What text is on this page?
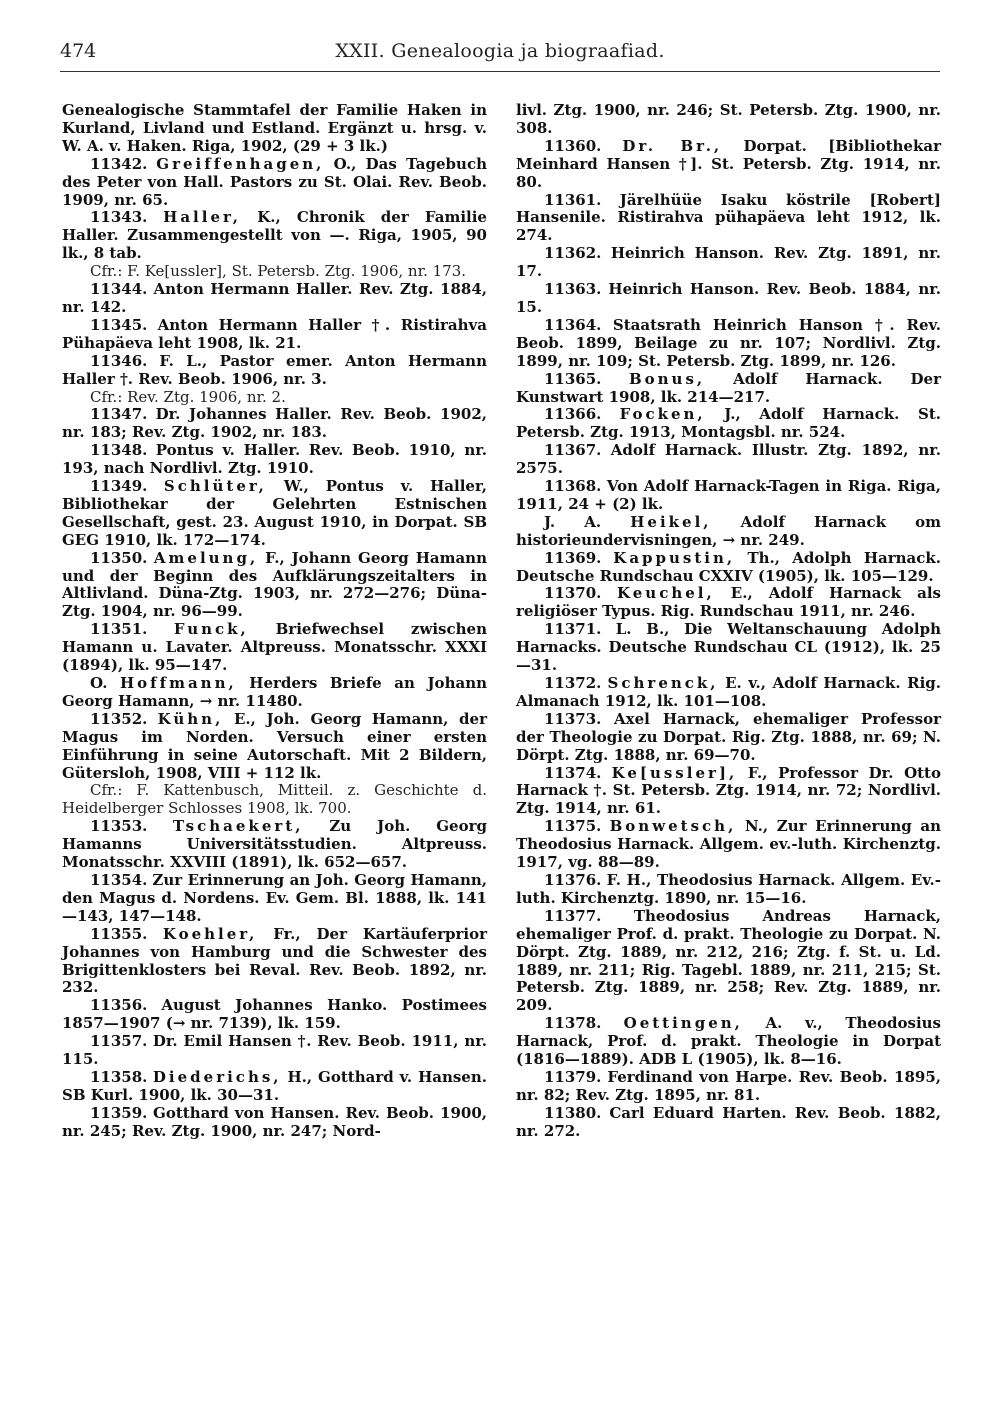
474	XXII. Genealoogia ja biograafiad.

Genealogische Stammtafel der Familie Haken in Kurland, Livland und Estland. Ergänzt u. hrsg. v. W. A. v. Haken. Riga, 1902, (29 + 3 lk.)

11342. Greiffenhagen, O., Das Tagebuch des Peter von Hall. Pastors zu St. Olai. Rev. Beob. 1909, nr. 65.

11343. Haller, K., Chronik der Familie Haller. Zusammengestellt von —. Riga, 1905, 90 lk., 8 tab.

Cfr.: F. Ke[ussler], St. Petersb. Ztg. 1906, nr. 173.

11344. Anton Hermann Haller. Rev. Ztg. 1884, nr. 142.

11345. Anton Hermann Haller †. Ristirahva Pühapäeva leht 1908, lk. 21.

11346. F. L., Pastor emer. Anton Hermann Haller †. Rev. Beob. 1906, nr. 3.

Cfr.: Rev. Ztg. 1906, nr. 2.

11347. Dr. Johannes Haller. Rev. Beob. 1902, nr. 183; Rev. Ztg. 1902, nr. 183.

11348. Pontus v. Haller. Rev. Beob. 1910, nr. 193, nach Nordlivl. Ztg. 1910.

11349. Schlüter, W., Pontus v. Haller, Bibliothekar der Gelehrten Estnischen Gesellschaft, gest. 23. August 1910, in Dorpat. SB GEG 1910, lk. 172—174.

11350. Amelung, F., Johann Georg Hamann und der Beginn des Aufklärungszeitalters in Altlivland. Düna-Ztg. 1903, nr. 272—276; Düna-Ztg. 1904, nr. 96—99.

11351. Funck, Briefwechsel zwischen Hamann u. Lavater. Altpreuss. Monatsschr. XXXI (1894), lk. 95—147.

O. Hoffmann, Herders Briefe an Johann Georg Hamann, → nr. 11480.

11352. Kühn, E., Joh. Georg Hamann, der Magus im Norden. Versuch einer ersten Einführung in seine Autorschaft. Mit 2 Bildern, Gütersloh, 1908, VIII + 112 lk.

Cfr.: F. Kattenbusch, Mitteil. z. Geschichte d. Heidelberger Schlosses 1908, lk. 700.

11353. Tschaekert, Zu Joh. Georg Hamanns Universitätsstudien. Altpreuss. Monatsschr. XXVIII (1891), lk. 652—657.

11354. Zur Erinnerung an Joh. Georg Hamann, den Magus d. Nordens. Ev. Gem. Bl. 1888, lk. 141—143, 147—148.

11355. Koehler, Fr., Der Kartäuferprior Johannes von Hamburg und die Schwester des Brigittenklosters bei Reval. Rev. Beob. 1892, nr. 232.

11356. August Johannes Hanko. Postimees 1857—1907 (→ nr. 7139), lk. 159.

11357. Dr. Emil Hansen †. Rev. Beob. 1911, nr. 115.

11358. Diederichs, H., Gotthard v. Hansen. SB Kurl. 1900, lk. 30—31.

11359. Gotthard von Hansen. Rev. Beob. 1900, nr. 245; Rev. Ztg. 1900, nr. 247; Nord-

livl. Ztg. 1900, nr. 246; St. Petersb. Ztg. 1900, nr. 308.

11360. Dr. Br., Dorpat. [Bibliothekar Meinhard Hansen †]. St. Petersb. Ztg. 1914, nr. 80.

11361. Järelhüüe Isaku köstrile [Robert] Hansenile. Ristirahva pühapäeva leht 1912, lk. 274.

11362. Heinrich Hanson. Rev. Ztg. 1891, nr. 17.

11363. Heinrich Hanson. Rev. Beob. 1884, nr. 15.

11364. Staatsrath Heinrich Hanson †. Rev. Beob. 1899, Beilage zu nr. 107; Nordlivl. Ztg. 1899, nr. 109; St. Petersb. Ztg. 1899, nr. 126.

11365. Bonus, Adolf Harnack. Der Kunstwart 1908, lk. 214—217.

11366. Focken, J., Adolf Harnack. St. Petersb. Ztg. 1913, Montagsbl. nr. 524.

11367. Adolf Harnack. Illustr. Ztg. 1892, nr. 2575.

11368. Von Adolf Harnack-Tagen in Riga. Riga, 1911, 24 + (2) lk.

J. A. Heikel, Adolf Harnack om historieundervisningen, → nr. 249.

11369. Kappustin, Th., Adolph Harnack. Deutsche Rundschau CXXIV (1905), lk. 105—129.

11370. Keuchel, E., Adolf Harnack als religiöser Typus. Rig. Rundschau 1911, nr. 246.

11371. L. B., Die Weltanschauung Adolph Harnacks. Deutsche Rundschau CL (1912), lk. 25—31.

11372. Schrenck, E. v., Adolf Harnack. Rig. Almanach 1912, lk. 101—108.

11373. Axel Harnack, ehemaliger Professor der Theologie zu Dorpat. Rig. Ztg. 1888, nr. 69; N. Dörpt. Ztg. 1888, nr. 69—70.

11374. Ke[ussler], F., Professor Dr. Otto Harnack †. St. Petersb. Ztg. 1914, nr. 72; Nordlivl. Ztg. 1914, nr. 61.

11375. Bonwetsch, N., Zur Erinnerung an Theodosius Harnack. Allgem. ev.-luth. Kirchenztg. 1917, vg. 88—89.

11376. F. H., Theodosius Harnack. Allgem. Ev.-luth. Kirchenztg. 1890, nr. 15—16.

11377. Theodosius Andreas Harnack, ehemaliger Prof. d. prakt. Theologie zu Dorpat. N. Dörpt. Ztg. 1889, nr. 212, 216; Ztg. f. St. u. Ld. 1889, nr. 211; Rig. Tagebl. 1889, nr. 211, 215; St. Petersb. Ztg. 1889, nr. 258; Rev. Ztg. 1889, nr. 209.

11378. Oettingen, A. v., Theodosius Harnack, Prof. d. prakt. Theologie in Dorpat (1816—1889). ADB L (1905), lk. 8—16.

11379. Ferdinand von Harpe. Rev. Beob. 1895, nr. 82; Rev. Ztg. 1895, nr. 81.

11380. Carl Eduard Harten. Rev. Beob. 1882, nr. 272.
